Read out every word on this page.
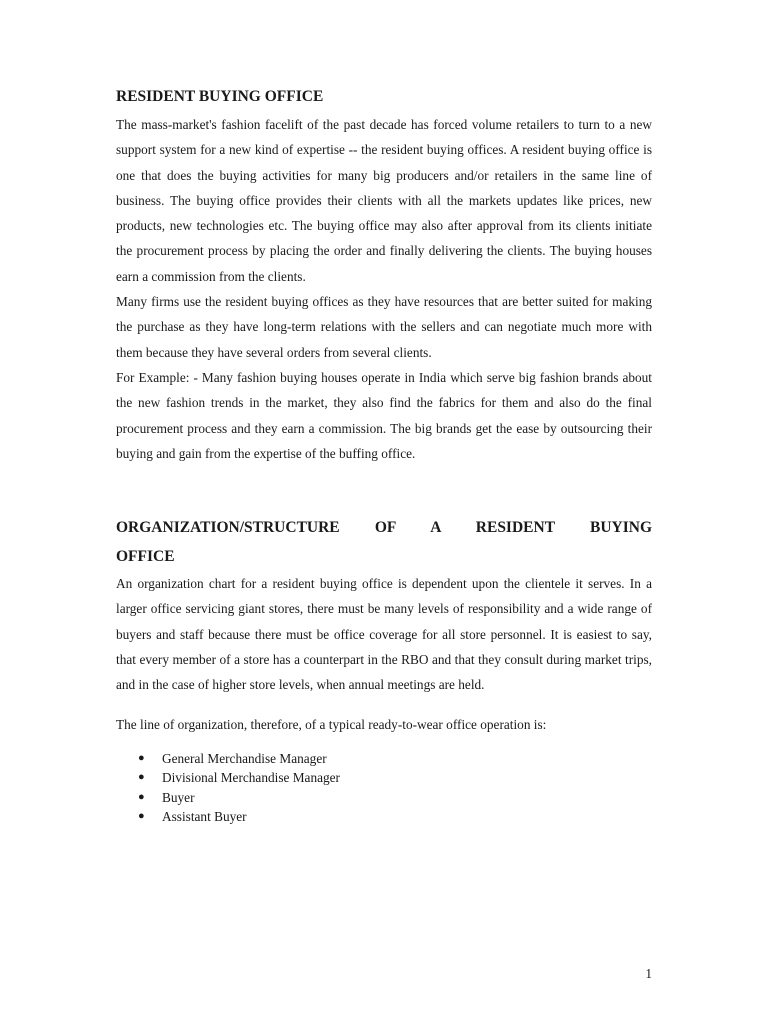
RESIDENT BUYING OFFICE

The mass-market's fashion facelift of the past decade has forced volume retailers to turn to a new support system for a new kind of expertise -- the resident buying offices. A resident buying office is one that does the buying activities for many big producers and/or retailers in the same line of business. The buying office provides their clients with all the markets updates like prices, new products, new technologies etc. The buying office may also after approval from its clients initiate the procurement process by placing the order and finally delivering the clients. The buying houses earn a commission from the clients.

Many firms use the resident buying offices as they have resources that are better suited for making the purchase as they have long-term relations with the sellers and can negotiate much more with them because they have several orders from several clients.

For Example: - Many fashion buying houses operate in India which serve big fashion brands about the new fashion trends in the market, they also find the fabrics for them and also do the final procurement process and they earn a commission. The big brands get the ease by outsourcing their buying and gain from the expertise of the buffing office.

ORGANIZATION/STRUCTURE OF A RESIDENT BUYING
OFFICE

An organization chart for a resident buying office is dependent upon the clientele it serves. In a larger office servicing giant stores, there must be many levels of responsibility and a wide range of buyers and staff because there must be office coverage for all store personnel. It is easiest to say, that every member of a store has a counterpart in the RBO and that they consult during market trips, and in the case of higher store levels, when annual meetings are held.

The line of organization, therefore, of a typical ready-to-wear office operation is:

● General Merchandise Manager
● Divisional Merchandise Manager
● Buyer
● Assistant Buyer
1
